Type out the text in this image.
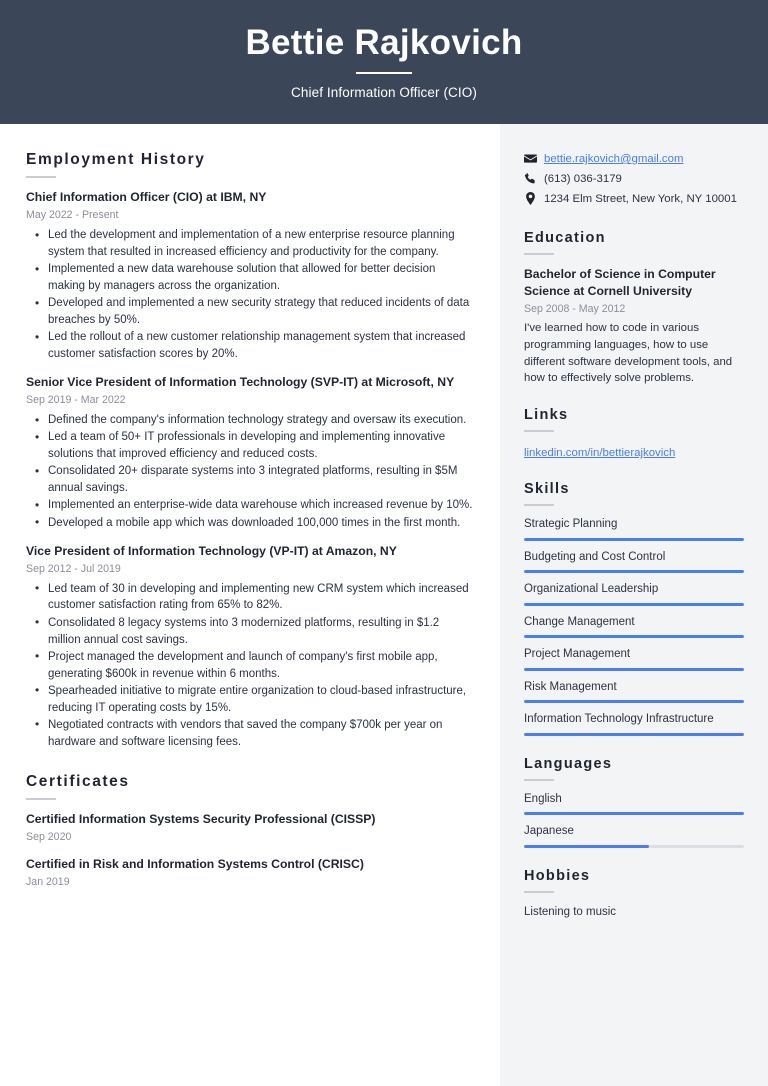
Bettie Rajkovich
Chief Information Officer (CIO)
Employment History
Chief Information Officer (CIO) at IBM, NY
May 2022 - Present
• Led the development and implementation of a new enterprise resource planning system that resulted in increased efficiency and productivity for the company.
• Implemented a new data warehouse solution that allowed for better decision making by managers across the organization.
• Developed and implemented a new security strategy that reduced incidents of data breaches by 50%.
• Led the rollout of a new customer relationship management system that increased customer satisfaction scores by 20%.
Senior Vice President of Information Technology (SVP-IT) at Microsoft, NY
Sep 2019 - Mar 2022
• Defined the company's information technology strategy and oversaw its execution.
• Led a team of 50+ IT professionals in developing and implementing innovative solutions that improved efficiency and reduced costs.
• Consolidated 20+ disparate systems into 3 integrated platforms, resulting in $5M annual savings.
• Implemented an enterprise-wide data warehouse which increased revenue by 10%.
• Developed a mobile app which was downloaded 100,000 times in the first month.
Vice President of Information Technology (VP-IT) at Amazon, NY
Sep 2012 - Jul 2019
• Led team of 30 in developing and implementing new CRM system which increased customer satisfaction rating from 65% to 82%.
• Consolidated 8 legacy systems into 3 modernized platforms, resulting in $1.2 million annual cost savings.
• Project managed the development and launch of company's first mobile app, generating $600k in revenue within 6 months.
• Spearheaded initiative to migrate entire organization to cloud-based infrastructure, reducing IT operating costs by 15%.
• Negotiated contracts with vendors that saved the company $700k per year on hardware and software licensing fees.
Certificates
Certified Information Systems Security Professional (CISSP)
Sep 2020
Certified in Risk and Information Systems Control (CRISC)
Jan 2019
bettie.rajkovich@gmail.com
(613) 036-3179
1234 Elm Street, New York, NY 10001
Education
Bachelor of Science in Computer Science at Cornell University
Sep 2008 - May 2012
I've learned how to code in various programming languages, how to use different software development tools, and how to effectively solve problems.
Links
linkedin.com/in/bettierajkovich
Skills
Strategic Planning
Budgeting and Cost Control
Organizational Leadership
Change Management
Project Management
Risk Management
Information Technology Infrastructure
Languages
English
Japanese
Hobbies
Listening to music
